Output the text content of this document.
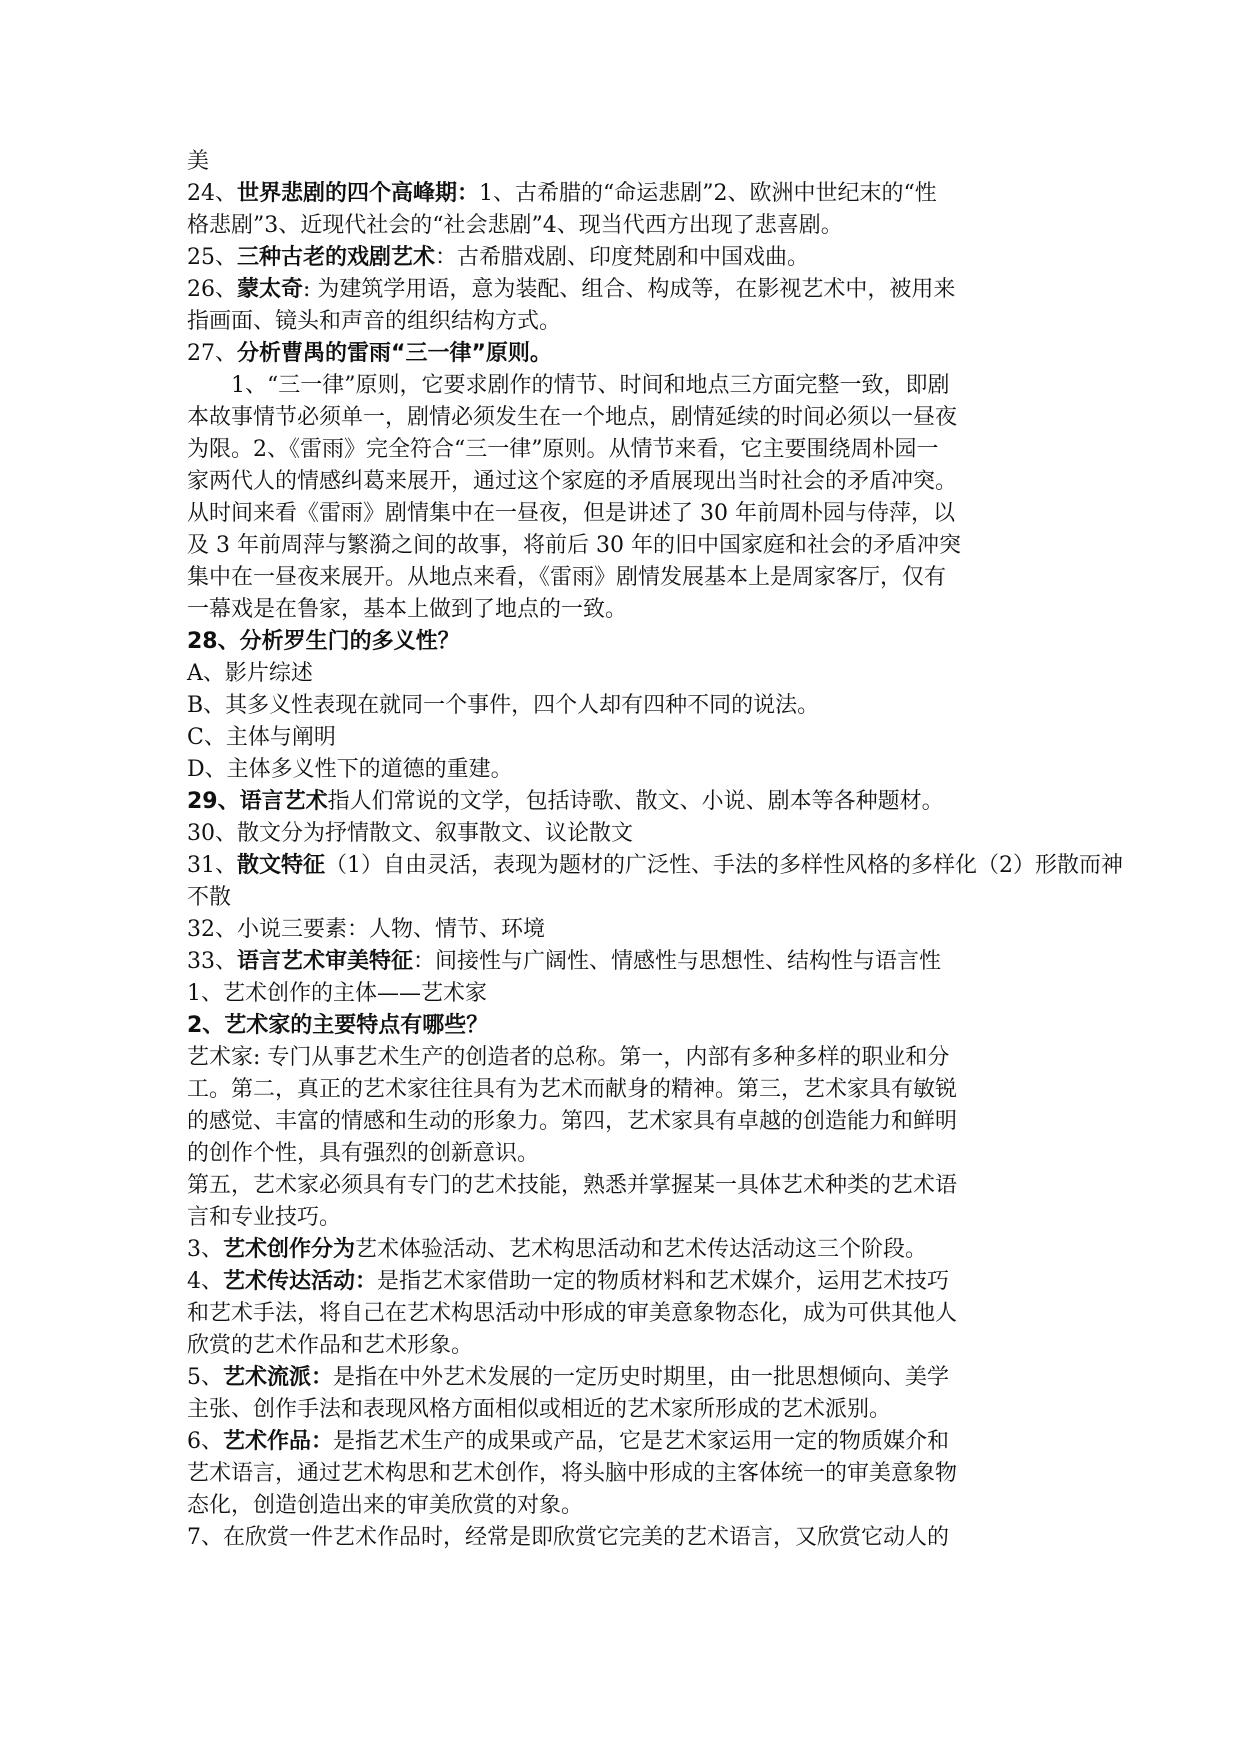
美

24、世界悲剧的四个高峰期：1、古希腊的“命运悲剧”2、欧洲中世纪末的“性

格悲剧”3、近现代社会的“社会悲剧”4、现当代西方出现了悲喜剧。

25、三种古老的戏剧艺术：古希腊戏剧、印度梵剧和中国戏曲。

26、蒙太奇: 为建筑学用语，意为装配、组合、构成等，在影视艺术中，被用来

指画面、镜头和声音的组织结构方式。

27、分析曹禺的雷雨“三一律”原则。

1、“三一律”原则，它要求剧作的情节、时间和地点三方面完整一致，即剧

本故事情节必须单一，剧情必须发生在一个地点，剧情延续的时间必须以一昼夜

为限。2、《雷雨》完全符合“三一律”原则。从情节来看，它主要围绕周朴园一

家两代人的情感纠葛来展开，通过这个家庭的矛盾展现出当时社会的矛盾冲突。

从时间来看《雷雨》剧情集中在一昼夜，但是讲述了 30 年前周朴园与侍萍，以

及 3 年前周萍与繁漪之间的故事，将前后 30 年的旧中国家庭和社会的矛盾冲突

集中在一昼夜来展开。从地点来看，《雷雨》剧情发展基本上是周家客厅，仅有

一幕戏是在鲁家，基本上做到了地点的一致。

28、分析罗生门的多义性？

A、影片综述

B、其多义性表现在就同一个事件，四个人却有四种不同的说法。

C、主体与阐明

D、主体多义性下的道德的重建。

29、语言艺术指人们常说的文学，包括诗歌、散文、小说、剧本等各种题材。

30、散文分为抒情散文、叙事散文、议论散文

31、散文特征（1）自由灵活，表现为题材的广泛性、手法的多样性风格的多样化（2）形散而神

不散

32、小说三要素：人物、情节、环境

33、语言艺术审美特征：间接性与广阔性、情感性与思想性、结构性与语言性

1、艺术创作的主体——艺术家

2、艺术家的主要特点有哪些？

艺术家: 专门从事艺术生产的创造者的总称。第一，内部有多种多样的职业和分

工。第二，真正的艺术家往往具有为艺术而献身的精神。第三，艺术家具有敏锐

的感觉、丰富的情感和生动的形象力。第四，艺术家具有卓越的创造能力和鲜明

的创作个性，具有强烈的创新意识。

第五，艺术家必须具有专门的艺术技能，熟悉并掌握某一具体艺术种类的艺术语

言和专业技巧。

3、艺术创作分为艺术体验活动、艺术构思活动和艺术传达活动这三个阶段。

4、艺术传达活动：是指艺术家借助一定的物质材料和艺术媒介，运用艺术技巧

和艺术手法，将自己在艺术构思活动中形成的审美意象物态化，成为可供其他人

欣赏的艺术作品和艺术形象。

5、艺术流派：是指在中外艺术发展的一定历史时期里，由一批思想倾向、美学

主张、创作手法和表现风格方面相似或相近的艺术家所形成的艺术派别。

6、艺术作品：是指艺术生产的成果或产品，它是艺术家运用一定的物质媒介和

艺术语言，通过艺术构思和艺术创作，将头脑中形成的主客体统一的审美意象物

态化，创造创造出来的审美欣赏的对象。

7、在欣赏一件艺术作品时，经常是即欣赏它完美的艺术语言，又欣赏它动人的
